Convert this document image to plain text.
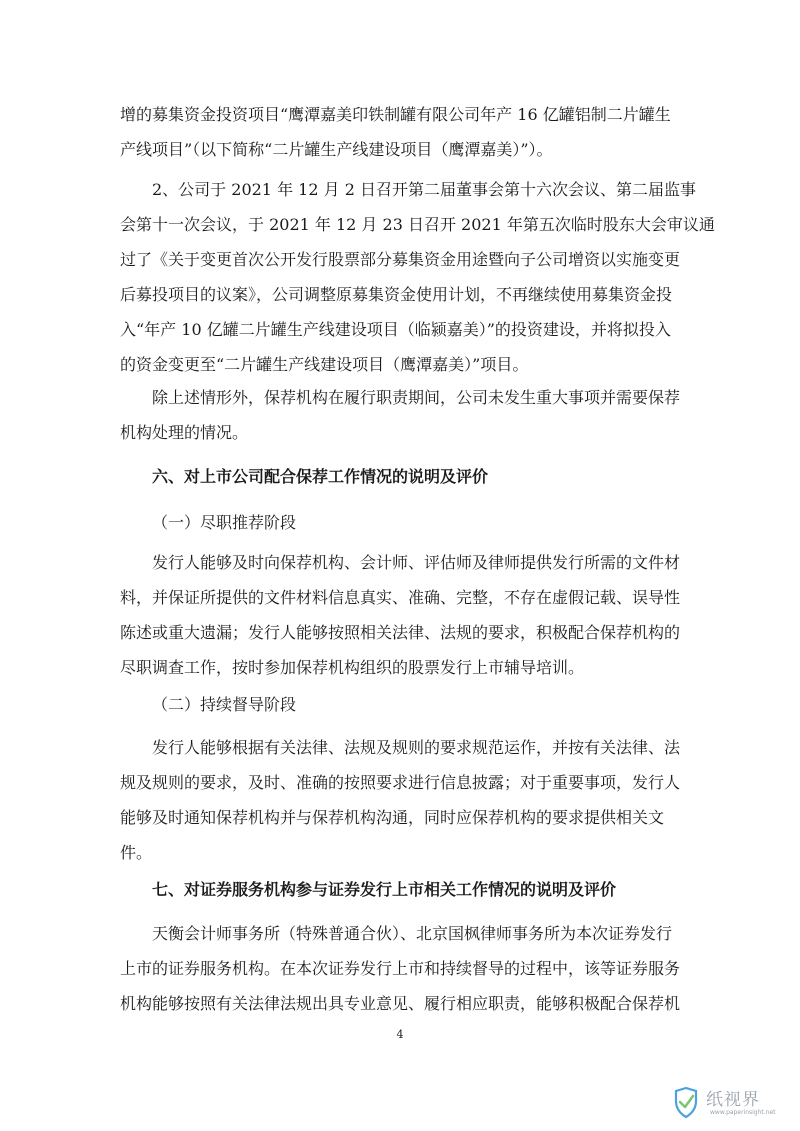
增的募集资金投资项目“鹰潭嘉美印铁制罐有限公司年产 16 亿罐铝制二片罐生
产线项目”（以下简称“二片罐生产线建设项目（鹰潭嘉美）”）。
2、公司于 2021 年 12 月 2 日召开第二届董事会第十六次会议、第二届监事
会第十一次会议，于 2021 年 12 月 23 日召开 2021 年第五次临时股东大会审议通
过了《关于变更首次公开发行股票部分募集资金用途暨向子公司增资以实施变更
后募投项目的议案》，公司调整原募集资金使用计划，不再继续使用募集资金投
入“年产 10 亿罐二片罐生产线建设项目（临颍嘉美）”的投资建设，并将拟投入
的资金变更至“二片罐生产线建设项目（鹰潭嘉美）”项目。
除上述情形外，保荐机构在履行职责期间，公司未发生重大事项并需要保荐
机构处理的情况。
六、对上市公司配合保荐工作情况的说明及评价
（一）尽职推荐阶段
发行人能够及时向保荐机构、会计师、评估师及律师提供发行所需的文件材
料，并保证所提供的文件材料信息真实、准确、完整，不存在虚假记载、误导性
陈述或重大遗漏；发行人能够按照相关法律、法规的要求，积极配合保荐机构的
尽职调查工作，按时参加保荐机构组织的股票发行上市辅导培训。
（二）持续督导阶段
发行人能够根据有关法律、法规及规则的要求规范运作，并按有关法律、法
规及规则的要求，及时、准确的按照要求进行信息披露；对于重要事项，发行人
能够及时通知保荐机构并与保荐机构沟通，同时应保荐机构的要求提供相关文
件。
七、对证券服务机构参与证券发行上市相关工作情况的说明及评价
天衡会计师事务所（特殊普通合伙）、北京国枫律师事务所为本次证券发行
上市的证券服务机构。在本次证券发行上市和持续督导的过程中，该等证券服务
机构能够按照有关法律法规出具专业意见、履行相应职责，能够积极配合保荐机
4
纸视界
www.paperinsight.net
